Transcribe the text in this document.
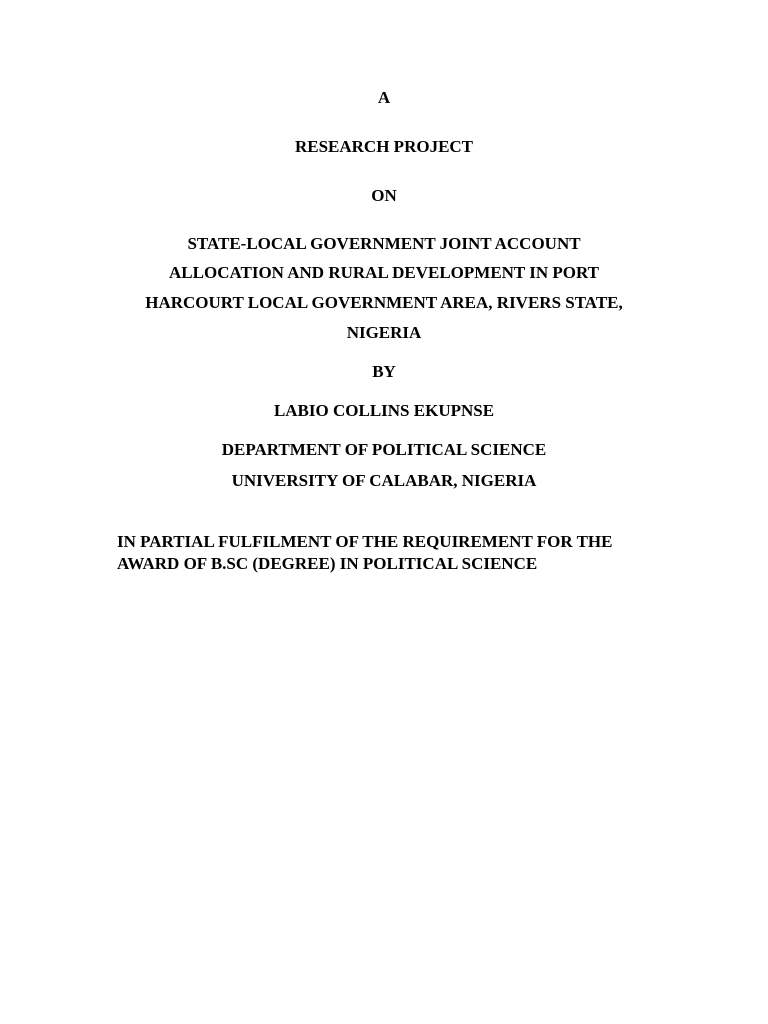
A
RESEARCH PROJECT
ON
STATE-LOCAL GOVERNMENT JOINT ACCOUNT
ALLOCATION AND RURAL DEVELOPMENT IN PORT
HARCOURT LOCAL GOVERNMENT AREA, RIVERS STATE,
NIGERIA
BY
LABIO COLLINS EKUPNSE
DEPARTMENT OF POLITICAL SCIENCE
UNIVERSITY OF CALABAR, NIGERIA
IN PARTIAL FULFILMENT OF THE REQUIREMENT FOR THE
AWARD OF B.SC (DEGREE) IN POLITICAL SCIENCE
